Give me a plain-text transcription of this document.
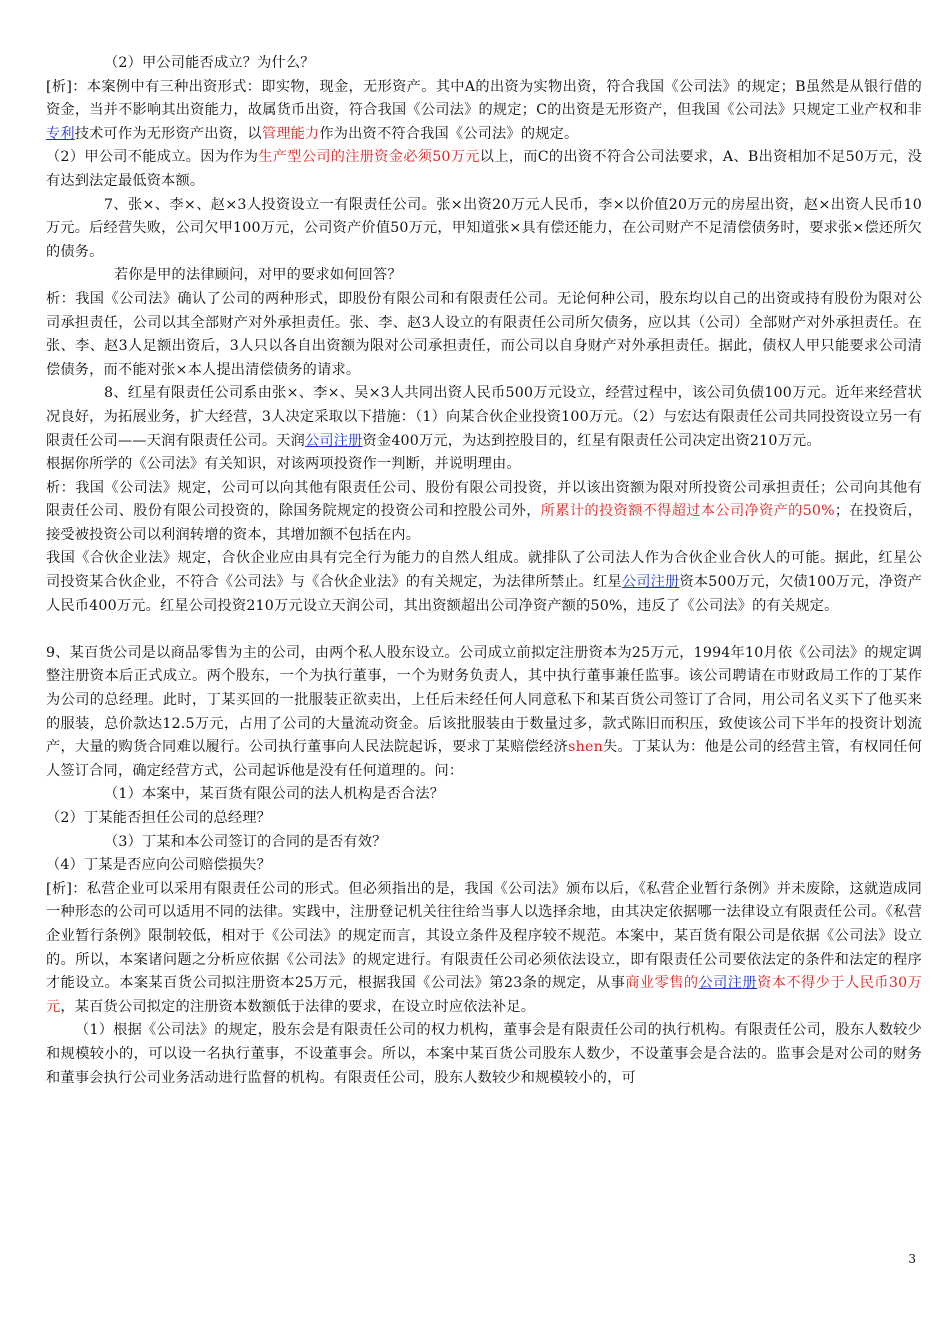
（2）甲公司能否成立？为什么？

[析]：本案例中有三种出资形式：即实物，现金，无形资产。其中A的出资为实物出资，符合我国《公司法》的规定；B虽然是从银行借的资金，当并不影响其出资能力，故属货币出资，符合我国《公司法》的规定；C的出资是无形资产，但我国《公司法》只规定工业产权和非专利技术可作为无形资产出资，以管理能力作为出资不符合我国《公司法》的规定。

（2）甲公司不能成立。因为作为生产型公司的注册资金必须50万元以上，而C的出资不符合公司法要求，A、B出资相加不足50万元，没有达到法定最低资本额。

7、张×、李×、赵×3人投资设立一有限责任公司。张×出资20万元人民币，李×以价值20万元的房屋出资，赵×出资人民币10万元。后经营失败，公司欠甲100万元，公司资产价值50万元，甲知道张×具有偿还能力，在公司财产不足清偿债务时，要求张×偿还所欠的债务。

若你是甲的法律顾问，对甲的要求如何回答？

析：我国《公司法》确认了公司的两种形式，即股份有限公司和有限责任公司。无论何种公司，股东均以自己的出资或持有股份为限对公司承担责任，公司以其全部财产对外承担责任。张、李、赵3人设立的有限责任公司所欠债务，应以其（公司）全部财产对外承担责任。在张、李、赵3人足额出资后，3人只以各自出资额为限对公司承担责任，而公司以自身财产对外承担责任。据此，债权人甲只能要求公司清偿债务，而不能对张×本人提出清偿债务的请求。

8、红星有限责任公司系由张×、李×、吴×3人共同出资人民币500万元设立，经营过程中，该公司负债100万元。近年来经营状况良好，为拓展业务，扩大经营，3人决定采取以下措施：（1）向某合伙企业投资100万元。（2）与宏达有限责任公司共同投资设立另一有限责任公司——天润有限责任公司。天润公司注册资金400万元，为达到控股目的，红星有限责任公司决定出资210万元。

根据你所学的《公司法》有关知识，对该两项投资作一判断，并说明理由。

析：我国《公司法》规定，公司可以向其他有限责任公司、股份有限公司投资，并以该出资额为限对所投资公司承担责任；公司向其他有限责任公司、股份有限公司投资的，除国务院规定的投资公司和控股公司外，所累计的投资额不得超过本公司净资产的50%；在投资后，接受被投资公司以利润转增的资本，其增加额不包括在内。

我国《合伙企业法》规定，合伙企业应由具有完全行为能力的自然人组成。就排队了公司法人作为合伙企业合伙人的可能。据此，红星公司投资某合伙企业，不符合《公司法》与《合伙企业法》的有关规定，为法律所禁止。红星公司注册资本500万元，欠债100万元，净资产人民币400万元。红星公司投资210万元设立天润公司，其出资额超出公司净资产额的50%，违反了《公司法》的有关规定。

9、某百货公司是以商品零售为主的公司，由两个私人股东设立。公司成立前拟定注册资本为25万元，1994年10月依《公司法》的规定调整注册资本后正式成立。两个股东，一个为执行董事，一个为财务负责人，其中执行董事兼任监事。该公司聘请在市财政局工作的丁某作为公司的总经理。此时，丁某买回的一批服装正欲卖出，上任后未经任何人同意私下和某百货公司签订了合同，用公司名义买下了他买来的服装，总价款达12.5万元，占用了公司的大量流动资金。后该批服装由于数量过多，款式陈旧而积压，致使该公司下半年的投资计划流产，大量的购货合同难以履行。公司执行董事向人民法院起诉，要求丁某赔偿经济shen失。丁某认为：他是公司的经营主管，有权同任何人签订合同，确定经营方式，公司起诉他是没有任何道理的。问：

（1）本案中，某百货有限公司的法人机构是否合法？

（2）丁某能否担任公司的总经理？

（3）丁某和本公司签订的合同的是否有效？

（4）丁某是否应向公司赔偿损失？

[析]：私营企业可以采用有限责任公司的形式。但必须指出的是，我国《公司法》颁布以后，《私营企业暂行条例》并未废除，这就造成同一种形态的公司可以适用不同的法律。实践中，注册登记机关往往给当事人以选择余地，由其决定依据哪一法律设立有限责任公司。《私营企业暂行条例》限制较低，相对于《公司法》的规定而言，其设立条件及程序较不规范。本案中，某百货有限公司是依据《公司法》设立的。所以，本案诸问题之分析应依据《公司法》的规定进行。有限责任公司必须依法设立，即有限责任公司要依法定的条件和法定的程序才能设立。本案某百货公司拟注册资本25万元，根据我国《公司法》第23条的规定，从事商业零售的公司注册资本不得少于人民币30万元，某百货公司拟定的注册资本数额低于法律的要求，在设立时应依法补足。

（1）根据《公司法》的规定，股东会是有限责任公司的权力机构，董事会是有限责任公司的执行机构。有限责任公司，股东人数较少和规模较小的，可以设一名执行董事，不设董事会。所以，本案中某百货公司股东人数少，不设董事会是合法的。监事会是对公司的财务和董事会执行公司业务活动进行监督的机构。有限责任公司，股东人数较少和规模较小的，可

3
